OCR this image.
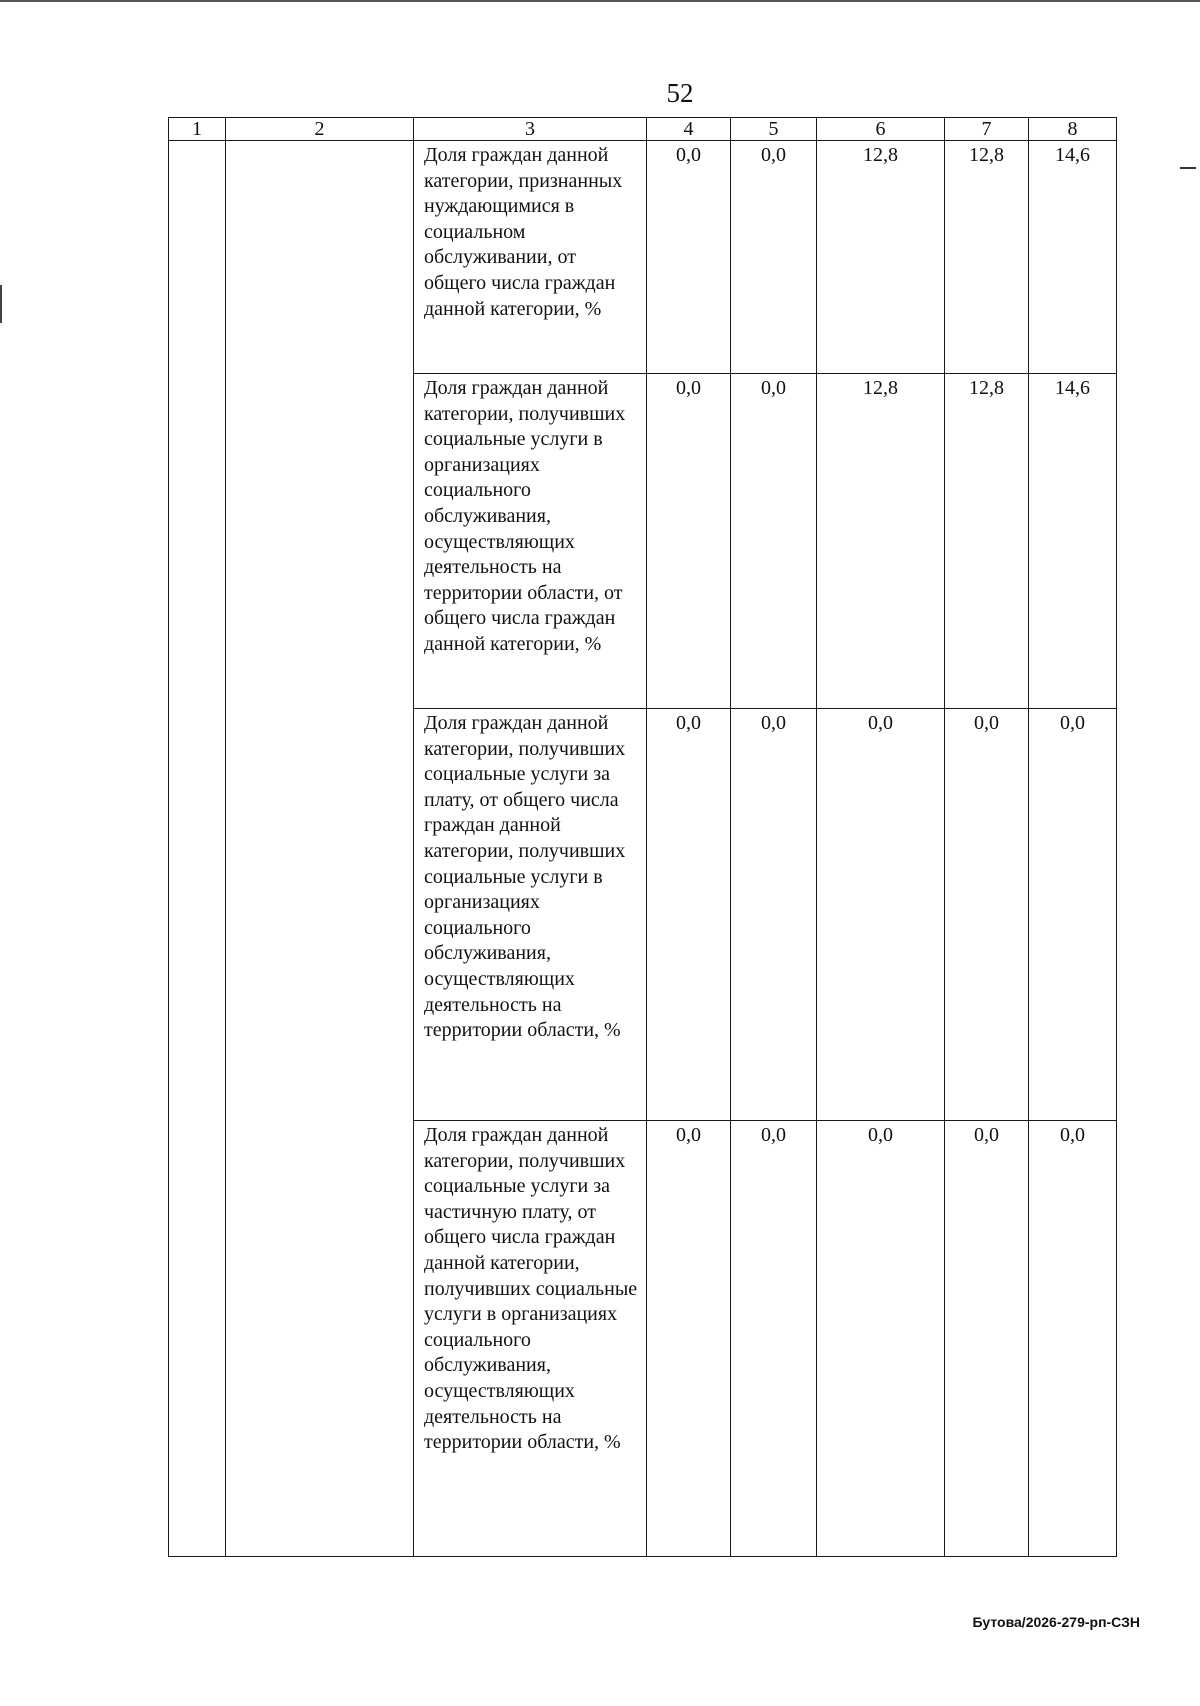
52
1	2	3	4	5	6	7	8
		Доля граждан данной категории, признанных нуждающимися в социальном обслуживании, от общего числа граждан данной категории, %	0,0	0,0	12,8	12,8	14,6
		Доля граждан данной категории, получивших социальные услуги в организациях социального обслуживания, осуществляющих деятельность на территории области, от общего числа граждан данной категории, %	0,0	0,0	12,8	12,8	14,6
		Доля граждан данной категории, получивших социальные услуги за плату, от общего числа граждан данной категории, получивших социальные услуги в организациях социального обслуживания, осуществляющих деятельность на территории области, %	0,0	0,0	0,0	0,0	0,0
		Доля граждан данной категории, получивших социальные услуги за частичную плату, от общего числа граждан данной категории, получивших социальные услуги в организациях социального обслуживания, осуществляющих деятельность на территории области, %	0,0	0,0	0,0	0,0	0,0
Бутова/2026-279-рп-СЗН
